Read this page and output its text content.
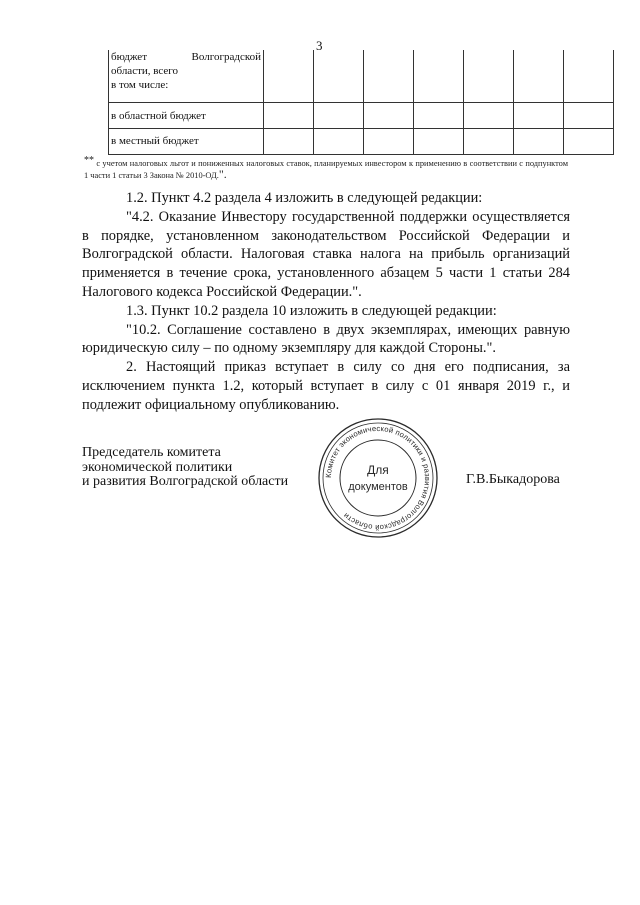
3
бюджет Волгоградской
области, всего
в том числе:							

в областной бюджет							
в местный бюджет							
** с учетом налоговых льгот и пониженных налоговых ставок, планируемых инвестором к применению в соответствии с подпунктом 1 части 1 статьи 3 Закона № 2010-ОД.".

1.2. Пункт 4.2 раздела 4 изложить в следующей редакции:

"4.2. Оказание Инвестору государственной поддержки осуществляется в порядке, установленном законодательством Российской Федерации и Волгоградской области. Налоговая ставка налога на прибыль организаций применяется в течение срока, установленного абзацем 5 части 1 статьи 284 Налогового кодекса Российской Федерации.".

1.3. Пункт 10.2 раздела 10 изложить в следующей редакции:

"10.2. Соглашение составлено в двух экземплярах, имеющих равную юридическую силу – по одному экземпляру для каждой Стороны.".

2. Настоящий приказ вступает в силу со дня его подписания, за исключением пункта 1.2, который вступает в силу с 01 января 2019 г., и подлежит официальному опубликованию.

Председатель комитета
экономической политики
и развития Волгоградской области	Комитет экономической политики и развития Волгоградской области
Для
документов	Г.В.Быкадорова
